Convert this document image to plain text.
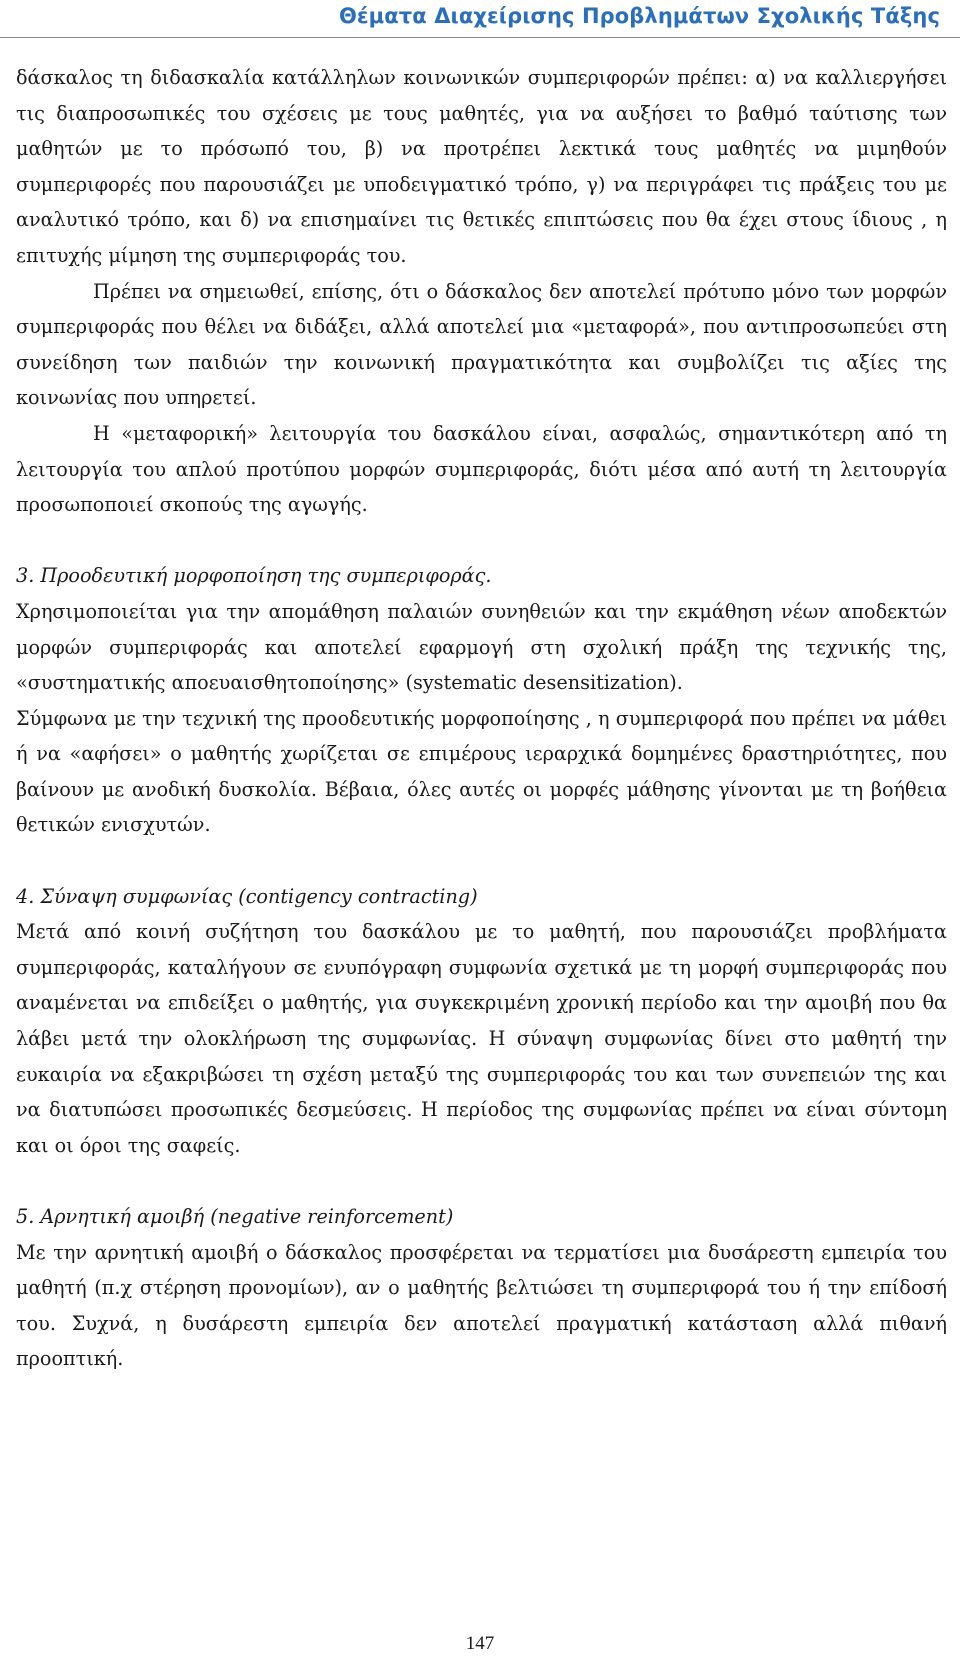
Θέματα Διαχείρισης Προβλημάτων Σχολικής Τάξης

δάσκαλος τη διδασκαλία κατάλληλων κοινωνικών συμπεριφορών πρέπει: α) να καλλιεργήσει τις διαπροσωπικές του σχέσεις με τους μαθητές, για να αυξήσει το βαθμό ταύτισης των μαθητών με το πρόσωπό του, β) να προτρέπει λεκτικά τους μαθητές να μιμηθούν συμπεριφορές που παρουσιάζει με υποδειγματικό τρόπο, γ) να περιγράφει τις πράξεις του με αναλυτικό τρόπο, και δ) να επισημαίνει τις θετικές επιπτώσεις που θα έχει στους ίδιους , η επιτυχής μίμηση της συμπεριφοράς του.

Πρέπει να σημειωθεί, επίσης, ότι ο δάσκαλος δεν αποτελεί πρότυπο μόνο των μορφών συμπεριφοράς που θέλει να διδάξει, αλλά αποτελεί μια «μεταφορά», που αντιπροσωπεύει στη συνείδηση των παιδιών την κοινωνική πραγματικότητα και συμβολίζει τις αξίες της κοινωνίας που υπηρετεί.

Η «μεταφορική» λειτουργία του δασκάλου είναι, ασφαλώς, σημαντικότερη από τη λειτουργία του απλού προτύπου μορφών συμπεριφοράς, διότι μέσα από αυτή τη λειτουργία προσωποποιεί σκοπούς της αγωγής.

3. Προοδευτική μορφοποίηση της συμπεριφοράς.

Χρησιμοποιείται για την απομάθηση παλαιών συνηθειών και την εκμάθηση νέων αποδεκτών μορφών συμπεριφοράς και αποτελεί εφαρμογή στη σχολική πράξη της τεχνικής της, «συστηματικής αποευαισθητοποίησης» (systematic desensitization).

Σύμφωνα με την τεχνική της προοδευτικής μορφοποίησης , η συμπεριφορά που πρέπει να μάθει ή να «αφήσει» ο μαθητής χωρίζεται σε επιμέρους ιεραρχικά δομημένες δραστηριότητες, που βαίνουν με ανοδική δυσκολία. Βέβαια, όλες αυτές οι μορφές μάθησης γίνονται με τη βοήθεια θετικών ενισχυτών.

4. Σύναψη συμφωνίας (contigency contracting)

Μετά από κοινή συζήτηση του δασκάλου με το μαθητή, που παρουσιάζει προβλήματα συμπεριφοράς, καταλήγουν σε ενυπόγραφη συμφωνία σχετικά με τη μορφή συμπεριφοράς που αναμένεται να επιδείξει ο μαθητής, για συγκεκριμένη χρονική περίοδο και την αμοιβή που θα λάβει μετά την ολοκλήρωση της συμφωνίας. Η σύναψη συμφωνίας δίνει στο μαθητή την ευκαιρία να εξακριβώσει τη σχέση μεταξύ της συμπεριφοράς του και των συνεπειών της και να διατυπώσει προσωπικές δεσμεύσεις. Η περίοδος της συμφωνίας πρέπει να είναι σύντομη και οι όροι της σαφείς.

5. Αρνητική αμοιβή (negative reinforcement)

Με την αρνητική αμοιβή ο δάσκαλος προσφέρεται να τερματίσει μια δυσάρεστη εμπειρία του μαθητή (π.χ στέρηση προνομίων), αν ο μαθητής βελτιώσει τη συμπεριφορά του ή την επίδοσή του. Συχνά, η δυσάρεστη εμπειρία δεν αποτελεί πραγματική κατάσταση αλλά πιθανή προοπτική.

147
